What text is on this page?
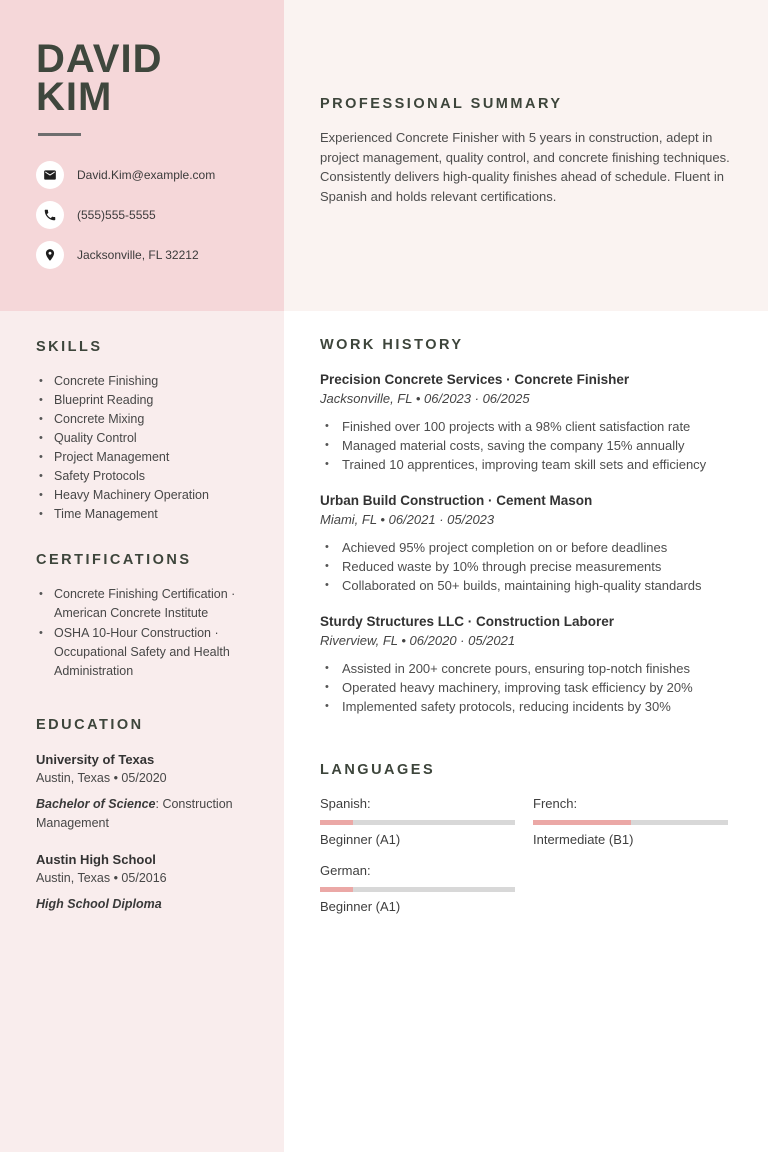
DAVID
KIM
David.Kim@example.com
(555)555-5555
Jacksonville, FL 32212
SKILLS
• Concrete Finishing
• Blueprint Reading
• Concrete Mixing
• Quality Control
• Project Management
• Safety Protocols
• Heavy Machinery Operation
• Time Management
CERTIFICATIONS
• Concrete Finishing Certification · American Concrete Institute
• OSHA 10-Hour Construction · Occupational Safety and Health Administration
EDUCATION
University of Texas
Austin, Texas • 05/2020
Bachelor of Science: Construction Management
Austin High School
Austin, Texas • 05/2016
High School Diploma
PROFESSIONAL SUMMARY
Experienced Concrete Finisher with 5 years in construction, adept in project management, quality control, and concrete finishing techniques. Consistently delivers high-quality finishes ahead of schedule. Fluent in Spanish and holds relevant certifications.
WORK HISTORY
Precision Concrete Services · Concrete Finisher
Jacksonville, FL • 06/2023 · 06/2025
• Finished over 100 projects with a 98% client satisfaction rate
• Managed material costs, saving the company 15% annually
• Trained 10 apprentices, improving team skill sets and efficiency
Urban Build Construction · Cement Mason
Miami, FL • 06/2021 · 05/2023
• Achieved 95% project completion on or before deadlines
• Reduced waste by 10% through precise measurements
• Collaborated on 50+ builds, maintaining high-quality standards
Sturdy Structures LLC · Construction Laborer
Riverview, FL • 06/2020 · 05/2021
• Assisted in 200+ concrete pours, ensuring top-notch finishes
• Operated heavy machinery, improving task efficiency by 20%
• Implemented safety protocols, reducing incidents by 30%
LANGUAGES
Spanish:
Beginner (A1)
French:
Intermediate (B1)
German:
Beginner (A1)
